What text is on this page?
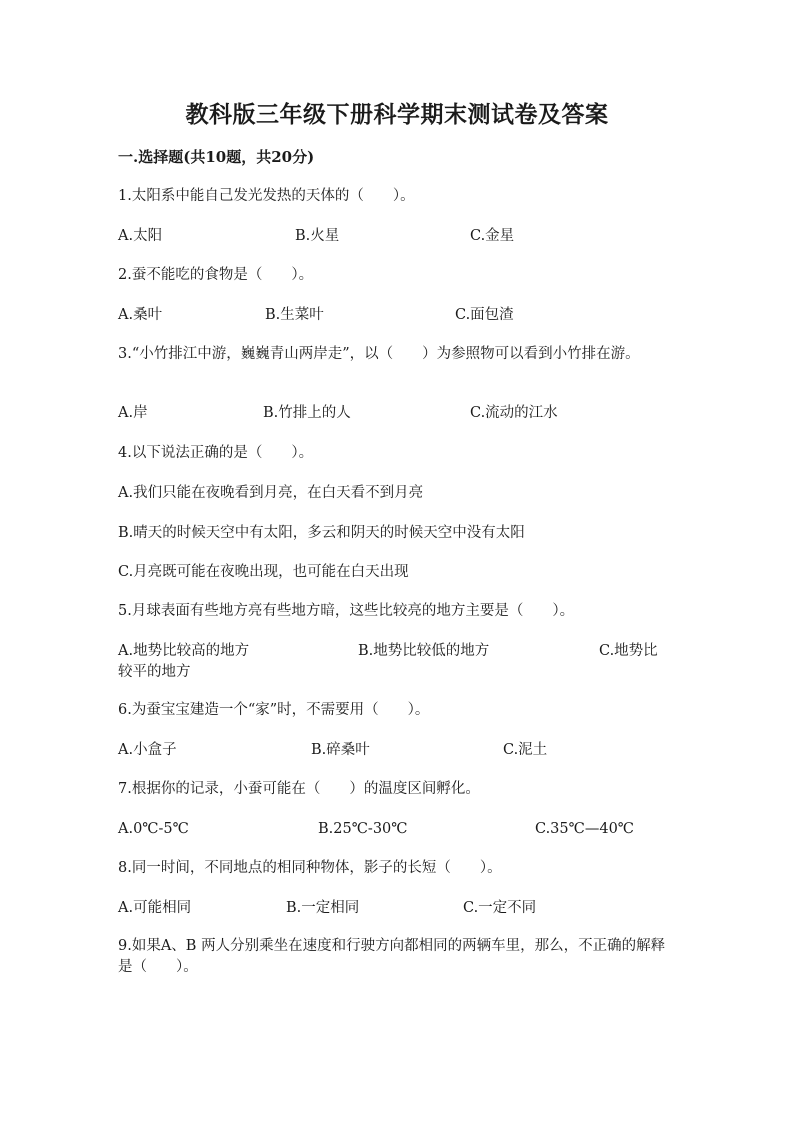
教科版三年级下册科学期末测试卷及答案
一.选择题(共10题，共20分)
1.太阳系中能自己发光发热的天体的（　　）。
A.太阳	B.火星	C.金星
2.蚕不能吃的食物是（　　）。
A.桑叶	B.生菜叶	C.面包渣
3.“小竹排江中游，巍巍青山两岸走”，以（　　）为参照物可以看到小竹排在游。
A.岸	B.竹排上的人	C.流动的江水
4.以下说法正确的是（　　）。
A.我们只能在夜晚看到月亮，在白天看不到月亮
B.晴天的时候天空中有太阳，多云和阴天的时候天空中没有太阳
C.月亮既可能在夜晚出现，也可能在白天出现
5.月球表面有些地方亮有些地方暗，这些比较亮的地方主要是（　　）。
A.地势比较高的地方	B.地势比较低的地方	C.地势比
较平的地方
6.为蚕宝宝建造一个“家”时，不需要用（　　）。
A.小盒子	B.碎桑叶	C.泥土
7.根据你的记录，小蚕可能在（　　）的温度区间孵化。
A.0℃-5℃	B.25℃-30℃	C.35℃—40℃
8.同一时间，不同地点的相同种物体，影子的长短（　　）。
A.可能相同	B.一定相同	C.一定不同
9.如果A、B 两人分别乘坐在速度和行驶方向都相同的两辆车里，那么，不正确的解释是（　　）。
